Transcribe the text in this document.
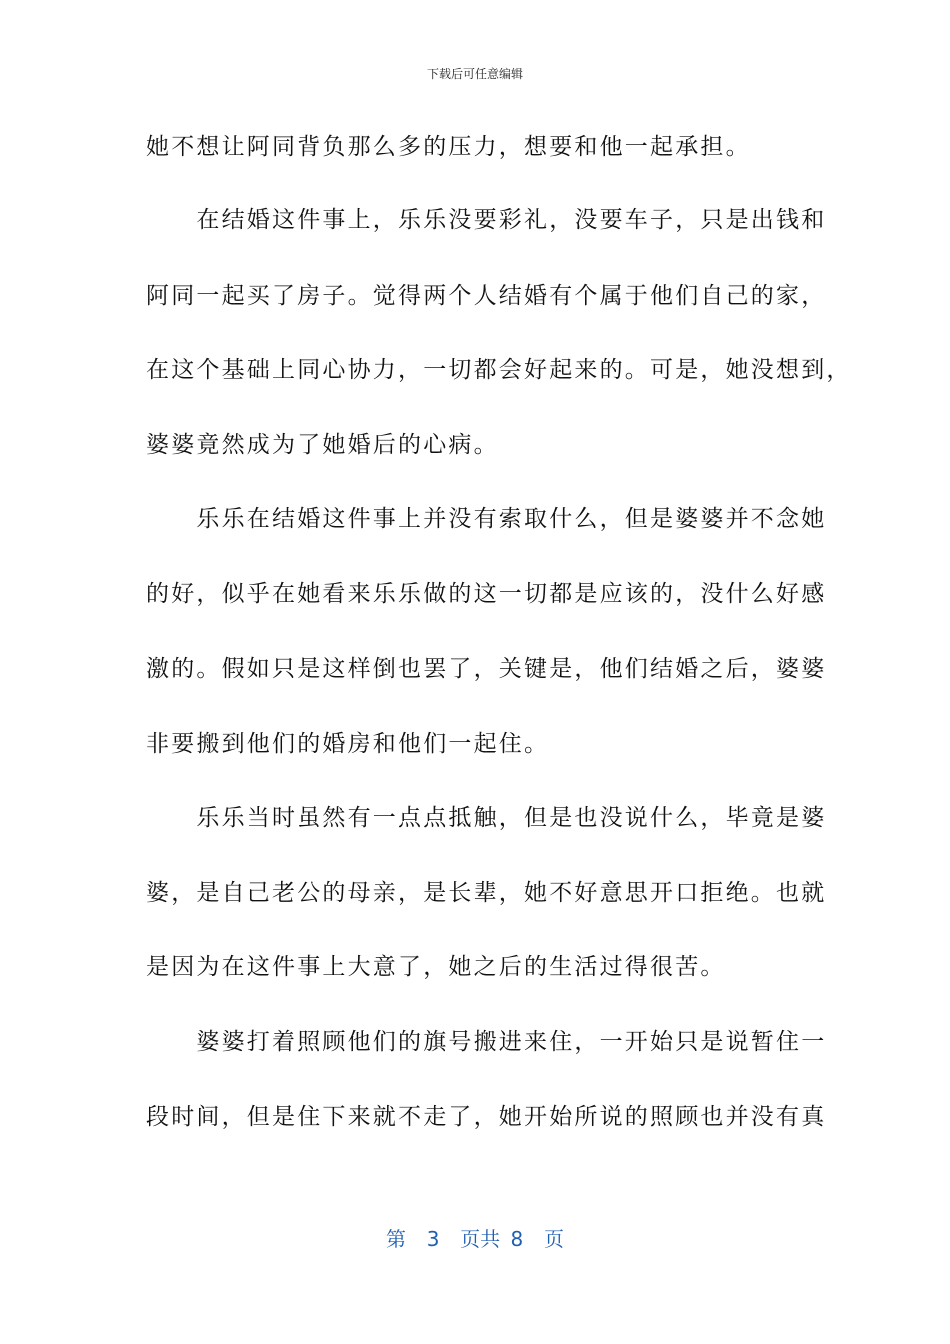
下载后可任意编辑
她不想让阿同背负那么多的压力，想要和他一起承担。
　　在结婚这件事上，乐乐没要彩礼，没要车子，只是出钱和
阿同一起买了房子。觉得两个人结婚有个属于他们自己的家，
在这个基础上同心协力，一切都会好起来的。可是，她没想到，
婆婆竟然成为了她婚后的心病。
　　乐乐在结婚这件事上并没有索取什么，但是婆婆并不念她
的好，似乎在她看来乐乐做的这一切都是应该的，没什么好感
激的。假如只是这样倒也罢了，关键是，他们结婚之后，婆婆
非要搬到他们的婚房和他们一起住。
　　乐乐当时虽然有一点点抵触，但是也没说什么，毕竟是婆
婆，是自己老公的母亲，是长辈，她不好意思开口拒绝。也就
是因为在这件事上大意了，她之后的生活过得很苦。
　　婆婆打着照顾他们的旗号搬进来住，一开始只是说暂住一
段时间，但是住下来就不走了，她开始所说的照顾也并没有真
第  3  页共 8  页
